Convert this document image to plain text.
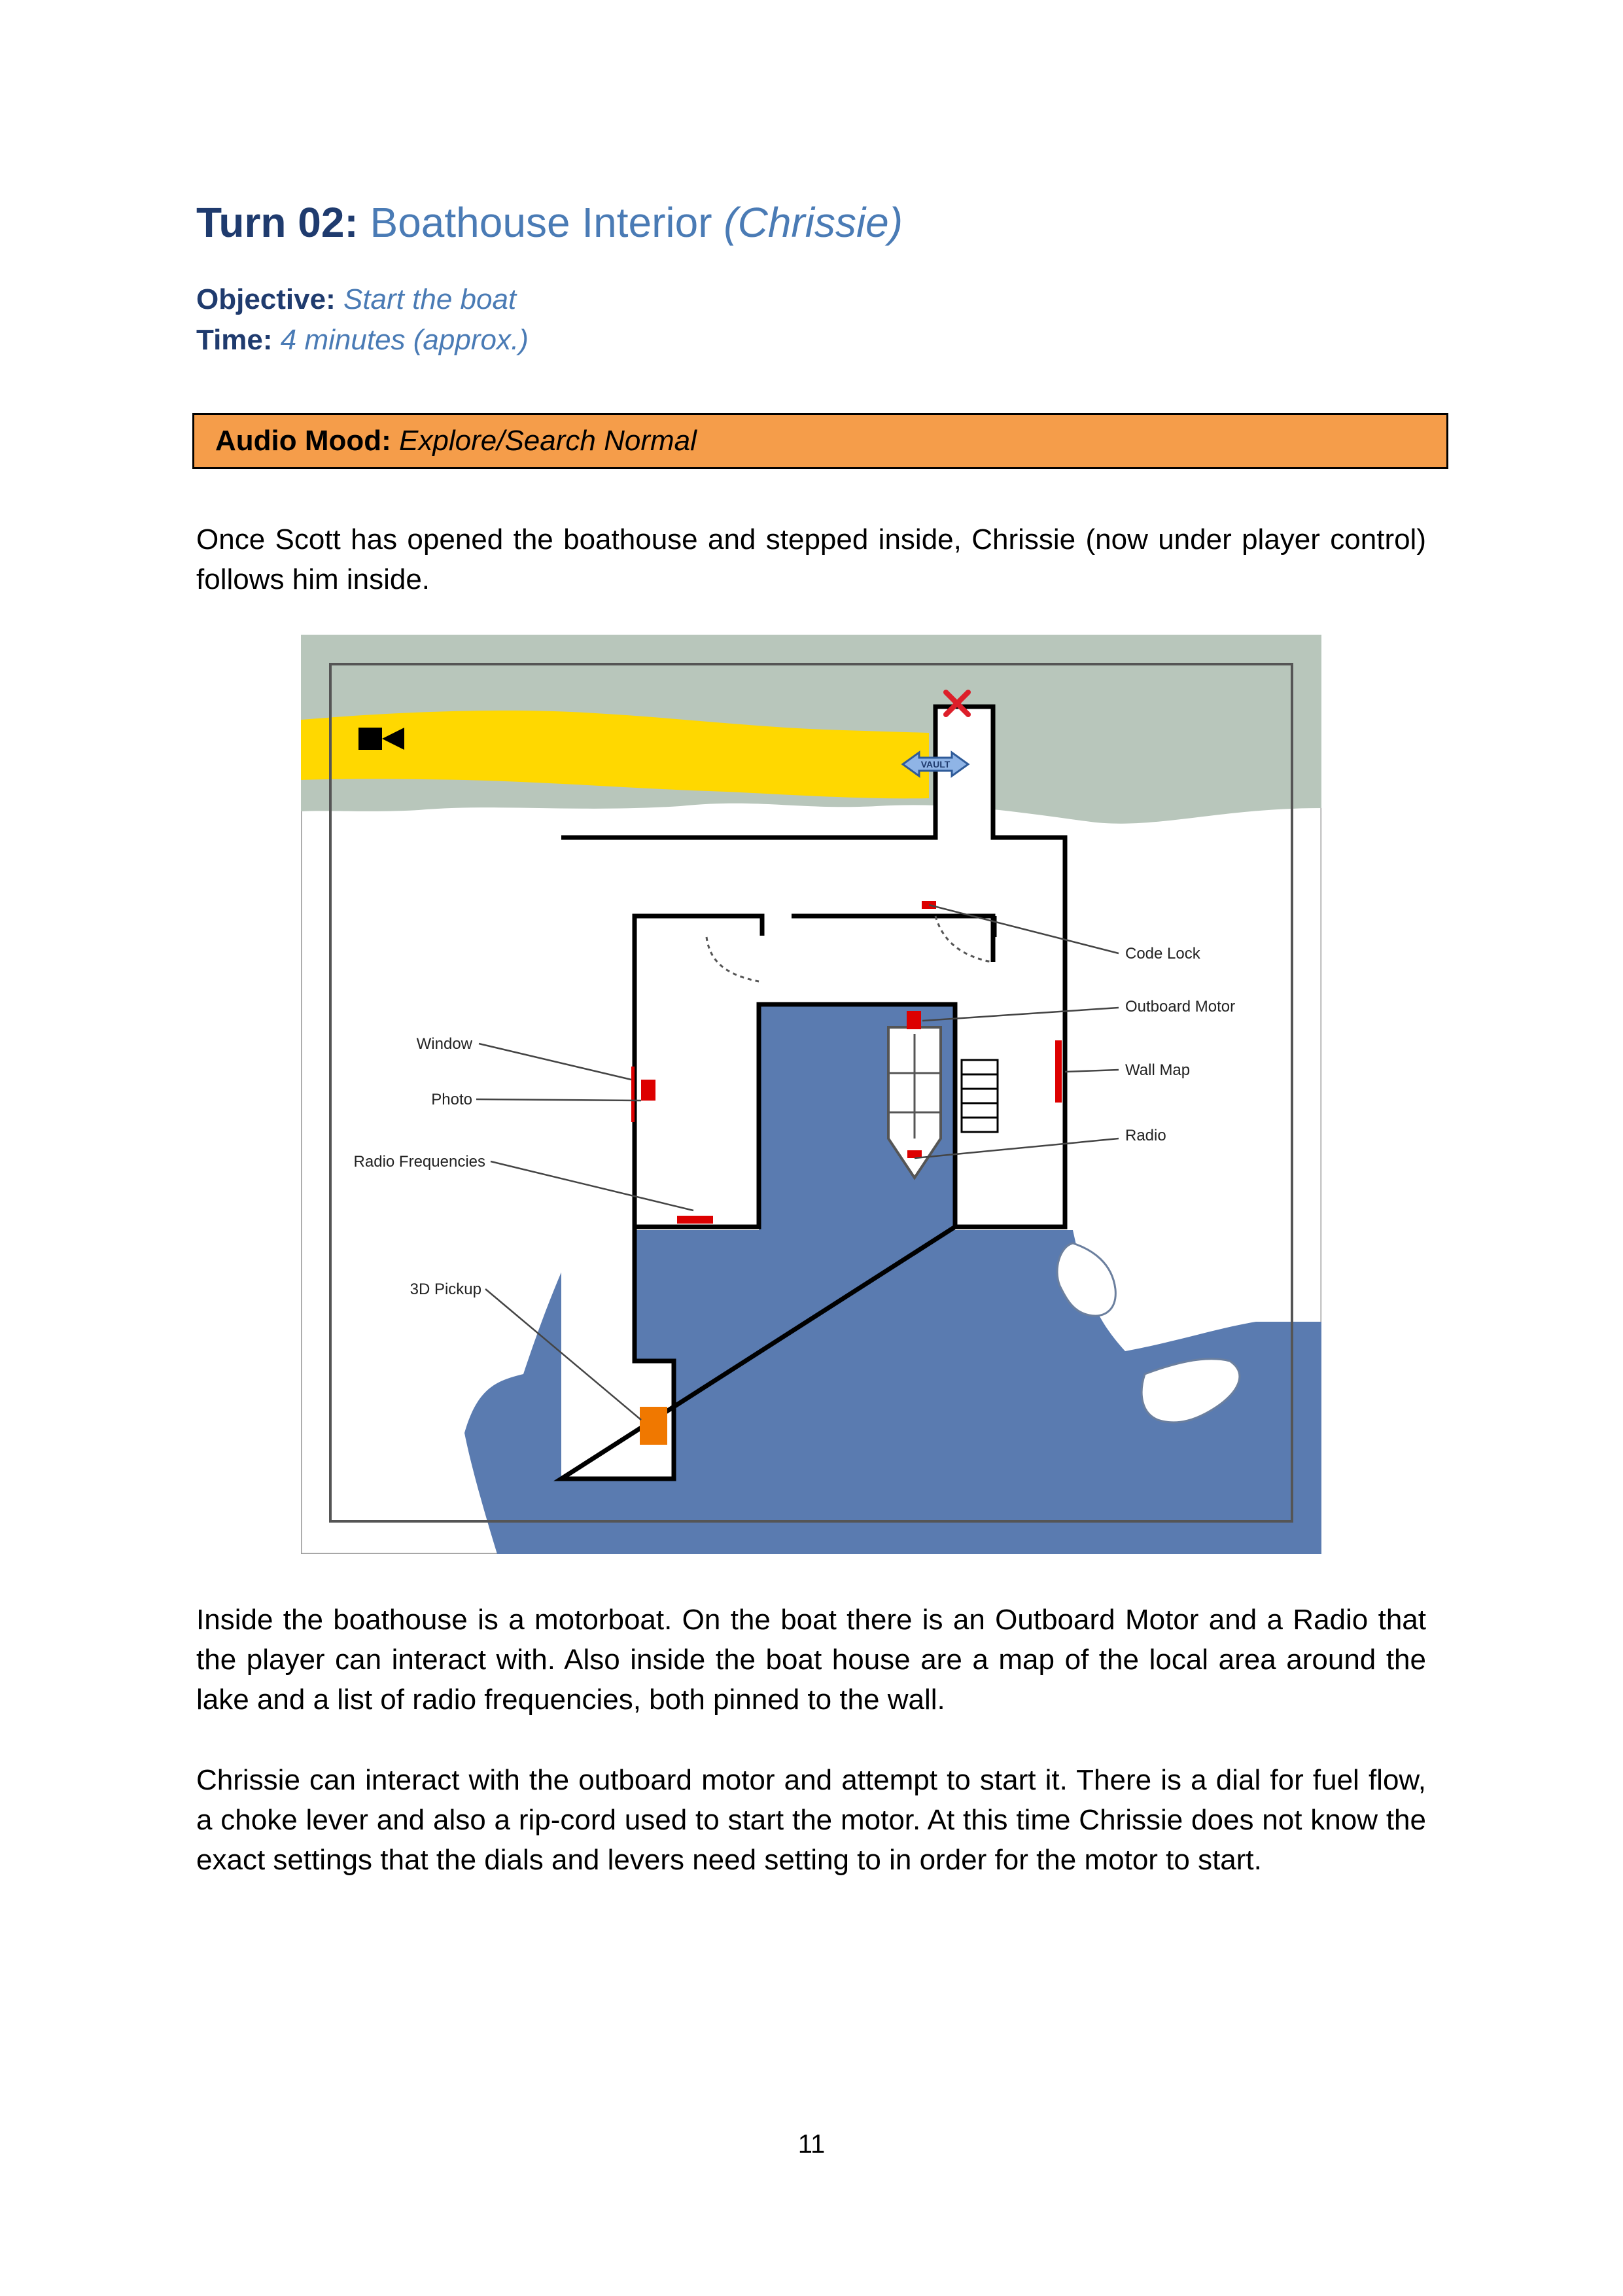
Turn 02: Boathouse Interior (Chrissie)
Objective: Start the boat
Time: 4 minutes (approx.)
Audio Mood: Explore/Search Normal
Once Scott has opened the boathouse and stepped inside, Chrissie (now under player control) follows him inside.
VAULT
Code Lock
Outboard Motor
Wall Map
Radio
Window
Photo
Radio Frequencies
3D Pickup
Inside the boathouse is a motorboat. On the boat there is an Outboard Motor and a Radio that the player can interact with. Also inside the boat house are a map of the local area around the lake and a list of radio frequencies, both pinned to the wall.
Chrissie can interact with the outboard motor and attempt to start it. There is a dial for fuel flow, a choke lever and also a rip-cord used to start the motor. At this time Chrissie does not know the exact settings that the dials and levers need setting to in order for the motor to start.
11
